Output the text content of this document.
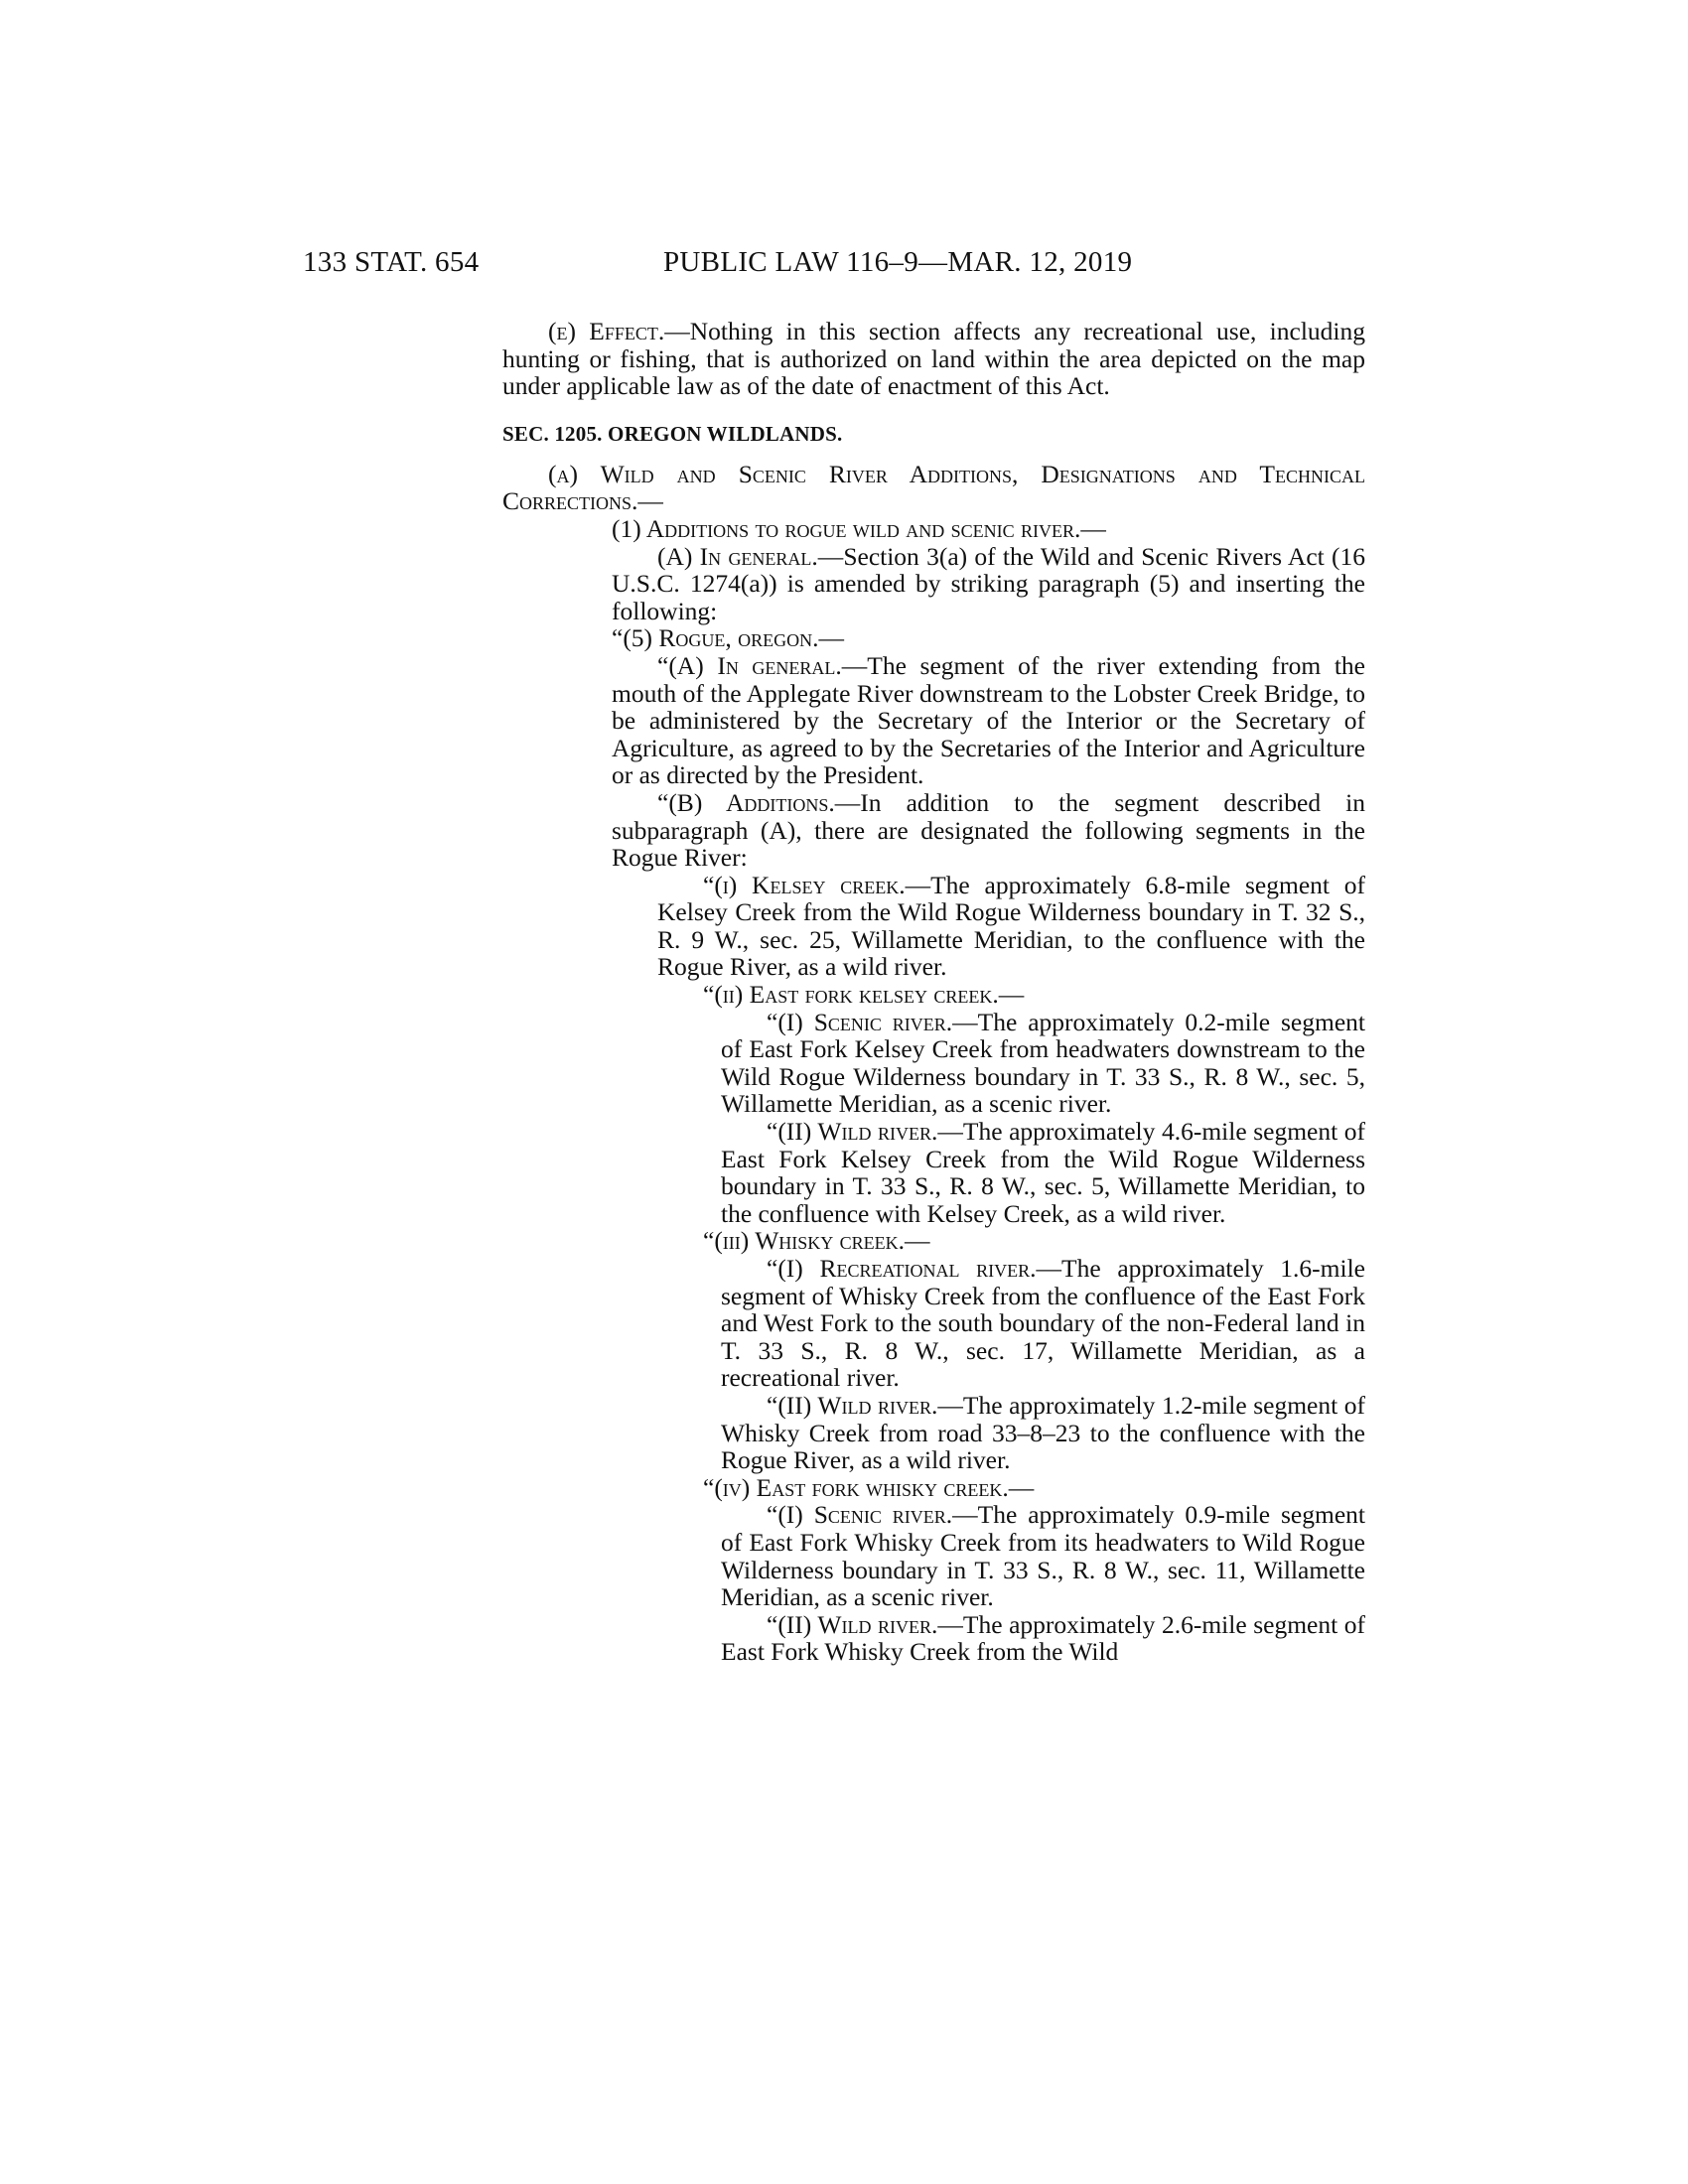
133 STAT. 654	PUBLIC LAW 116–9—MAR. 12, 2019

(e) Effect.—Nothing in this section affects any recreational use, including hunting or fishing, that is authorized on land within the area depicted on the map under applicable law as of the date of enactment of this Act.

SEC. 1205. OREGON WILDLANDS.

(a) Wild and Scenic River Additions, Designations and Technical Corrections.—

(1) Additions to rogue wild and scenic river.—

(A) In general.—Section 3(a) of the Wild and Scenic Rivers Act (16 U.S.C. 1274(a)) is amended by striking paragraph (5) and inserting the following:

“(5) Rogue, oregon.—

“(A) In general.—The segment of the river extending from the mouth of the Applegate River downstream to the Lobster Creek Bridge, to be administered by the Secretary of the Interior or the Secretary of Agriculture, as agreed to by the Secretaries of the Interior and Agriculture or as directed by the President.

“(B) Additions.—In addition to the segment described in subparagraph (A), there are designated the following segments in the Rogue River:

“(i) Kelsey creek.—The approximately 6.8-mile segment of Kelsey Creek from the Wild Rogue Wilderness boundary in T. 32 S., R. 9 W., sec. 25, Willamette Meridian, to the confluence with the Rogue River, as a wild river.

“(ii) East fork kelsey creek.—

“(I) Scenic river.—The approximately 0.2-mile segment of East Fork Kelsey Creek from headwaters downstream to the Wild Rogue Wilderness boundary in T. 33 S., R. 8 W., sec. 5, Willamette Meridian, as a scenic river.

“(II) Wild river.—The approximately 4.6-mile segment of East Fork Kelsey Creek from the Wild Rogue Wilderness boundary in T. 33 S., R. 8 W., sec. 5, Willamette Meridian, to the confluence with Kelsey Creek, as a wild river.

“(iii) Whisky creek.—

“(I) Recreational river.—The approximately 1.6-mile segment of Whisky Creek from the confluence of the East Fork and West Fork to the south boundary of the non-Federal land in T. 33 S., R. 8 W., sec. 17, Willamette Meridian, as a recreational river.

“(II) Wild river.—The approximately 1.2-mile segment of Whisky Creek from road 33–8–23 to the confluence with the Rogue River, as a wild river.

“(iv) East fork whisky creek.—

“(I) Scenic river.—The approximately 0.9-mile segment of East Fork Whisky Creek from its headwaters to Wild Rogue Wilderness boundary in T. 33 S., R. 8 W., sec. 11, Willamette Meridian, as a scenic river.

“(II) Wild river.—The approximately 2.6-mile segment of East Fork Whisky Creek from the Wild
